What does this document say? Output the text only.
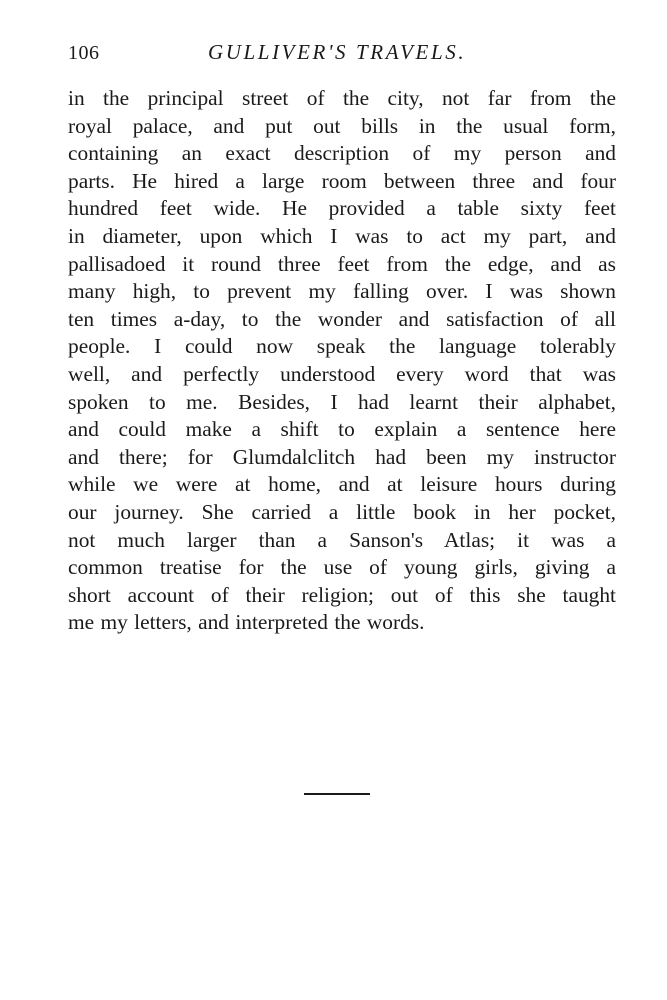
106	GULLIVER'S TRAVELS.
in the principal street of the city, not far from the
royal palace, and put out bills in the usual form,
containing an exact description of my person and
parts. He hired a large room between three and four
hundred feet wide. He provided a table sixty feet
in diameter, upon which I was to act my part, and
pallisadoed it round three feet from the edge, and as
many high, to prevent my falling over. I was shown
ten times a-day, to the wonder and satisfaction of all
people. I could now speak the language tolerably
well, and perfectly understood every word that was
spoken to me. Besides, I had learnt their alphabet,
and could make a shift to explain a sentence here
and there; for Glumdalclitch had been my instructor
while we were at home, and at leisure hours during
our journey. She carried a little book in her pocket,
not much larger than a Sanson's Atlas; it was a
common treatise for the use of young girls, giving a
short account of their religion; out of this she taught
me my letters, and interpreted the words.
